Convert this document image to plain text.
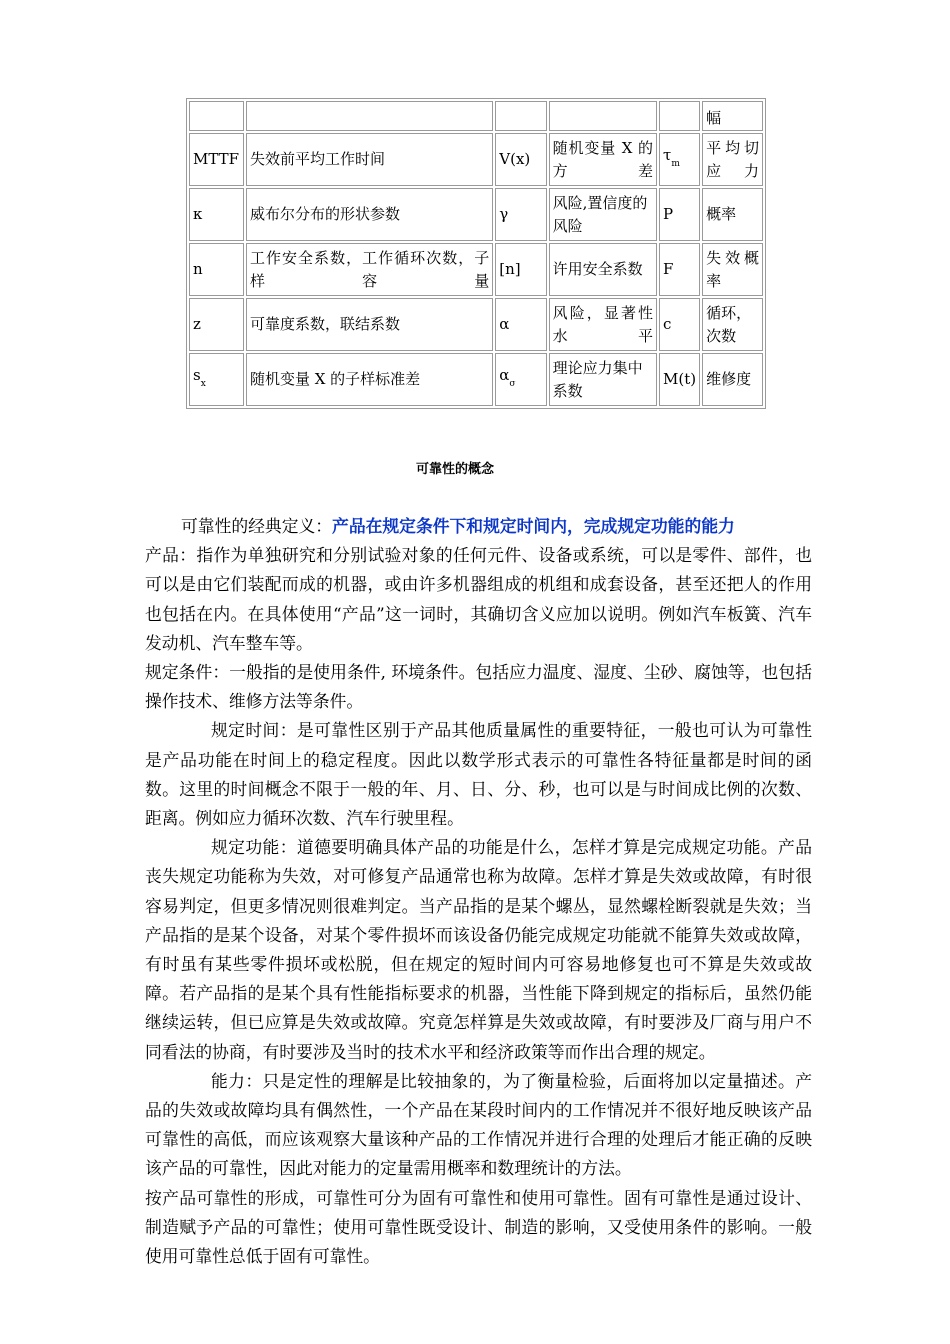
					幅
MTTF	失效前平均工作时间	V(x)	随机变量 X 的方差	$\tau_m$	平均切应力
κ	威布尔分布的形状参数	γ	风险,置信度的风险	P	概率
n	工作安全系数，工作循环次数，子样容量	[n]	许用安全系数	F	失效概率
z	可靠度系数，联结系数	α	风险，显著性水平	c	循环，次数
$s_x$	随机变量 X 的子样标准差	$\alpha_\sigma$	理论应力集中系数	M(t)	维修度
可靠性的概念

可靠性的经典定义：产品在规定条件下和规定时间内，完成规定功能的能力

产品：指作为单独研究和分别试验对象的任何元件、设备或系统，可以是零件、部件，也可以是由它们装配而成的机器，或由许多机器组成的机组和成套设备，甚至还把人的作用也包括在内。在具体使用“产品”这一词时，其确切含义应加以说明。例如汽车板簧、汽车发动机、汽车整车等。

规定条件：一般指的是使用条件, 环境条件。包括应力温度、湿度、尘砂、腐蚀等，也包括操作技术、维修方法等条件。

规定时间：是可靠性区别于产品其他质量属性的重要特征，一般也可认为可靠性是产品功能在时间上的稳定程度。因此以数学形式表示的可靠性各特征量都是时间的函数。这里的时间概念不限于一般的年、月、日、分、秒，也可以是与时间成比例的次数、距离。例如应力循环次数、汽车行驶里程。

规定功能：道德要明确具体产品的功能是什么，怎样才算是完成规定功能。产品丧失规定功能称为失效，对可修复产品通常也称为故障。怎样才算是失效或故障，有时很容易判定，但更多情况则很难判定。当产品指的是某个螺丛，显然螺栓断裂就是失效；当产品指的是某个设备，对某个零件损坏而该设备仍能完成规定功能就不能算失效或故障，有时虽有某些零件损坏或松脱，但在规定的短时间内可容易地修复也可不算是失效或故障。若产品指的是某个具有性能指标要求的机器，当性能下降到规定的指标后，虽然仍能继续运转，但已应算是失效或故障。究竟怎样算是失效或故障，有时要涉及厂商与用户不同看法的协商，有时要涉及当时的技术水平和经济政策等而作出合理的规定。

能力：只是定性的理解是比较抽象的，为了衡量检验，后面将加以定量描述。产品的失效或故障均具有偶然性，一个产品在某段时间内的工作情况并不很好地反映该产品可靠性的高低，而应该观察大量该种产品的工作情况并进行合理的处理后才能正确的反映该产品的可靠性，因此对能力的定量需用概率和数理统计的方法。

按产品可靠性的形成，可靠性可分为固有可靠性和使用可靠性。固有可靠性是通过设计、制造赋予产品的可靠性；使用可靠性既受设计、制造的影响，又受使用条件的影响。一般使用可靠性总低于固有可靠性。
